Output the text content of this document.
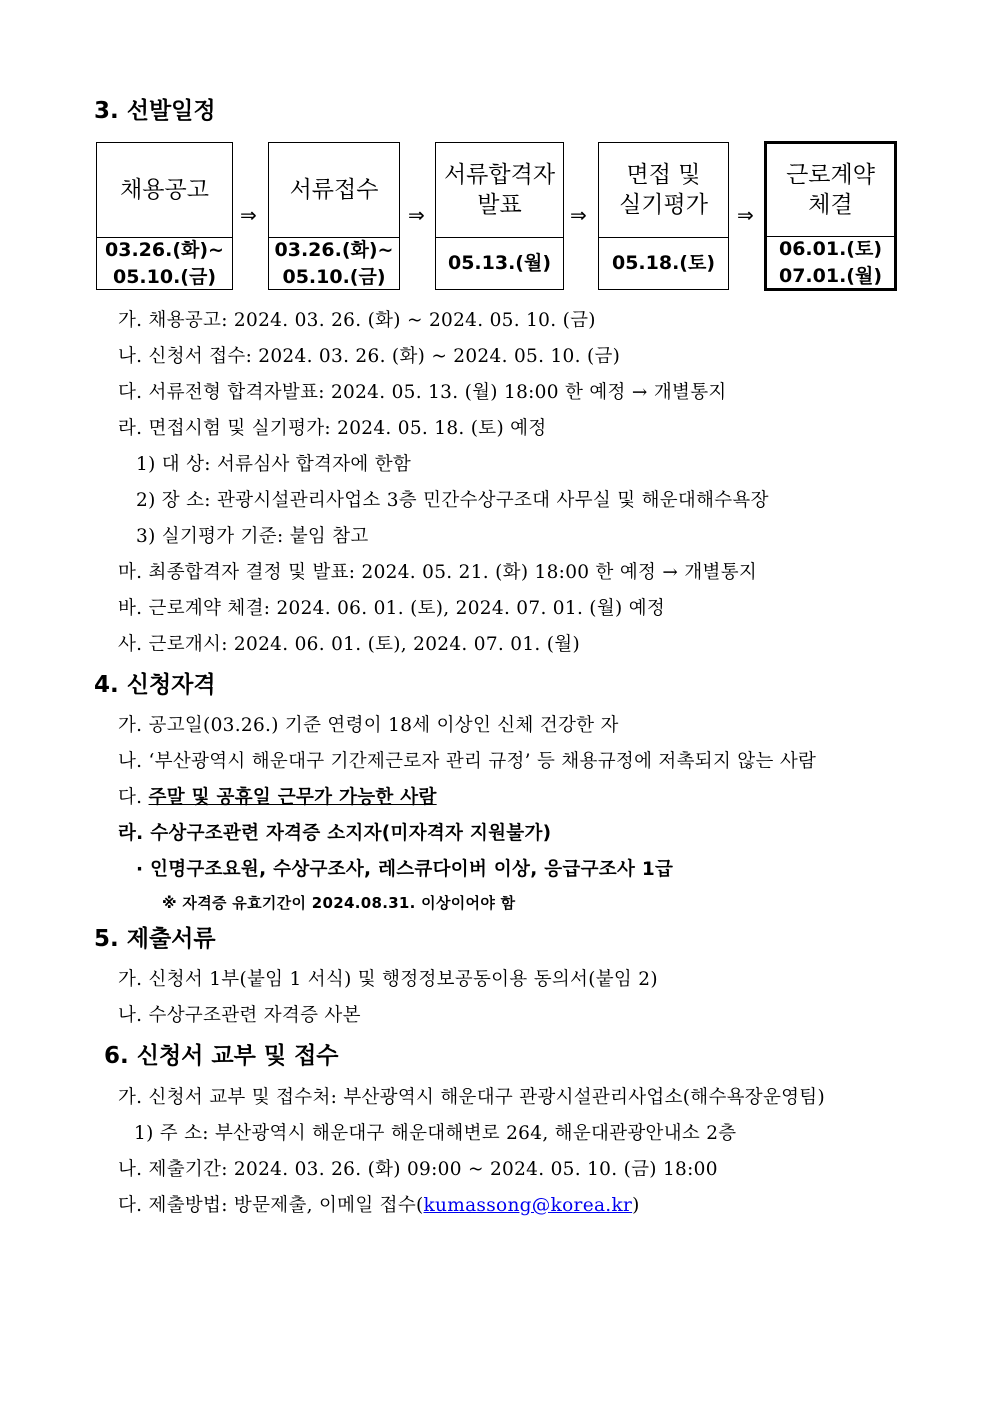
3. 선발일정
채용공고
03.26.(화)~
05.10.(금)
⇒
서류접수
03.26.(화)~
05.10.(금)
⇒
서류합격자
발표
05.13.(월)
⇒
면접 및
실기평가
05.18.(토)
⇒
근로계약
체결
06.01.(토)
07.01.(월)
가. 채용공고: 2024. 03. 26. (화) ~ 2024. 05. 10. (금)
나. 신청서 접수: 2024. 03. 26. (화) ~ 2024. 05. 10. (금)
다. 서류전형 합격자발표: 2024. 05. 13. (월) 18:00 한 예정 → 개별통지
라. 면접시험 및 실기평가: 2024. 05. 18. (토) 예정
1) 대 상: 서류심사 합격자에 한함
2) 장 소: 관광시설관리사업소 3층 민간수상구조대 사무실 및 해운대해수욕장
3) 실기평가 기준: 붙임 참고
마. 최종합격자 결정 및 발표: 2024. 05. 21. (화) 18:00 한 예정 → 개별통지
바. 근로계약 체결: 2024. 06. 01. (토), 2024. 07. 01. (월) 예정
사. 근로개시: 2024. 06. 01. (토), 2024. 07. 01. (월)
4. 신청자격
가. 공고일(03.26.) 기준 연령이 18세 이상인 신체 건강한 자
나. ‘부산광역시 해운대구 기간제근로자 관리 규정’ 등 채용규정에 저촉되지 않는 사람
다. 주말 및 공휴일 근무가 가능한 사람
라. 수상구조관련 자격증 소지자(미자격자 지원불가)
· 인명구조요원, 수상구조사, 레스큐다이버 이상, 응급구조사 1급
※ 자격증 유효기간이 2024.08.31. 이상이어야 함
5. 제출서류
가. 신청서 1부(붙임 1 서식) 및 행정정보공동이용 동의서(붙임 2)
나. 수상구조관련 자격증 사본
6. 신청서 교부 및 접수
가. 신청서 교부 및 접수처: 부산광역시 해운대구 관광시설관리사업소(해수욕장운영팀)
1) 주 소: 부산광역시 해운대구 해운대해변로 264, 해운대관광안내소 2층
나. 제출기간: 2024. 03. 26. (화) 09:00 ~ 2024. 05. 10. (금) 18:00
다. 제출방법: 방문제출, 이메일 접수(kumassong@korea.kr)
